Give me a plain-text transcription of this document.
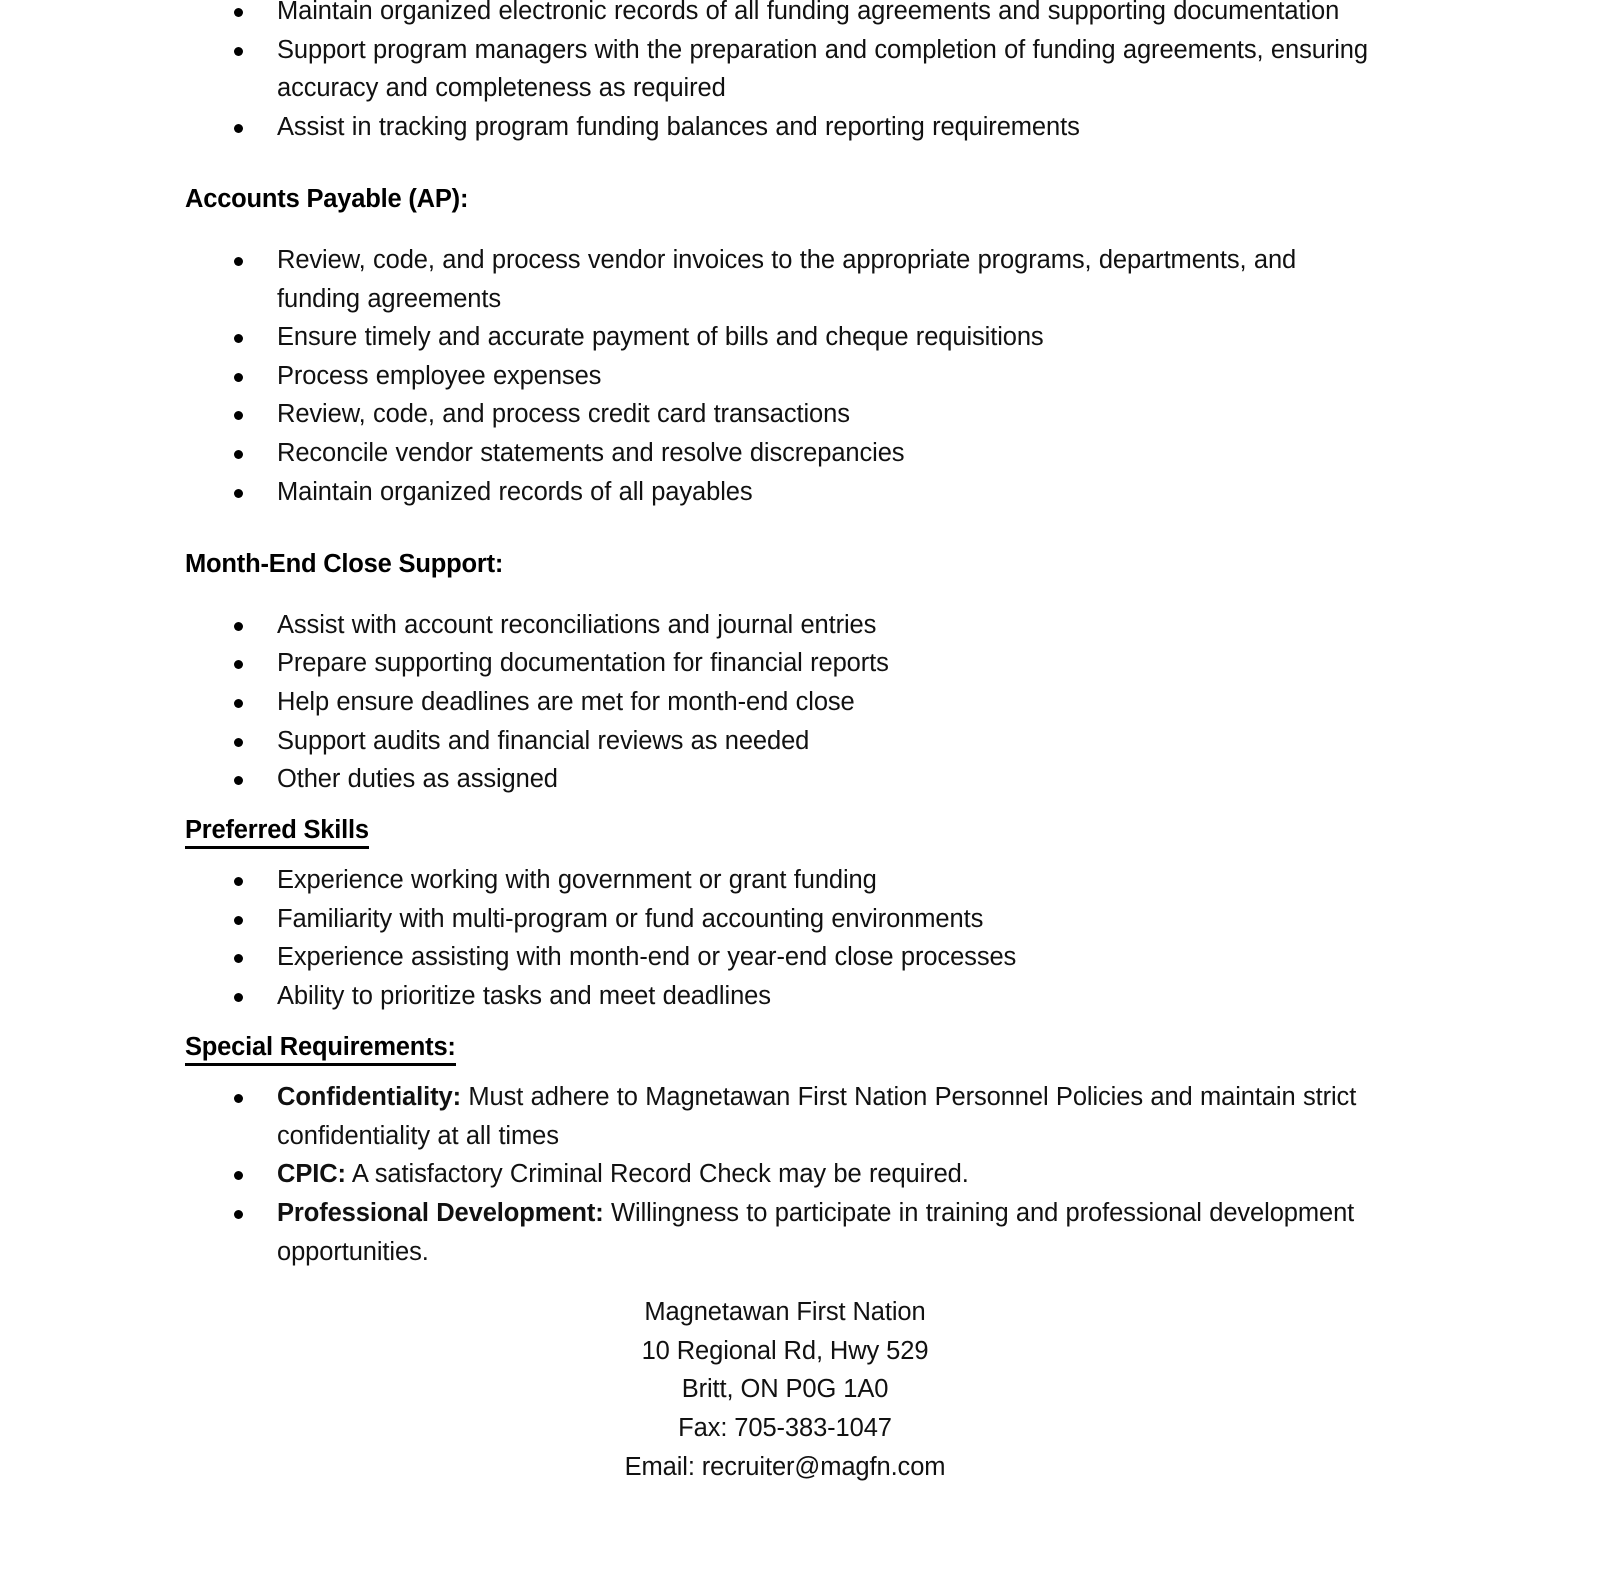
Maintain organized electronic records of all funding agreements and supporting documentation
Support program managers with the preparation and completion of funding agreements, ensuring accuracy and completeness as required
Assist in tracking program funding balances and reporting requirements
Accounts Payable (AP):
Review, code, and process vendor invoices to the appropriate programs, departments, and funding agreements
Ensure timely and accurate payment of bills and cheque requisitions
Process employee expenses
Review, code, and process credit card transactions
Reconcile vendor statements and resolve discrepancies
Maintain organized records of all payables
Month-End Close Support:
Assist with account reconciliations and journal entries
Prepare supporting documentation for financial reports
Help ensure deadlines are met for month-end close
Support audits and financial reviews as needed
Other duties as assigned
Preferred Skills
Experience working with government or grant funding
Familiarity with multi-program or fund accounting environments
Experience assisting with month-end or year-end close processes
Ability to prioritize tasks and meet deadlines
Special Requirements:
Confidentiality: Must adhere to Magnetawan First Nation Personnel Policies and maintain strict confidentiality at all times
CPIC: A satisfactory Criminal Record Check may be required.
Professional Development: Willingness to participate in training and professional development opportunities.
Magnetawan First Nation
10 Regional Rd, Hwy 529
Britt, ON P0G 1A0
Fax: 705-383-1047
Email: recruiter@magfn.com
